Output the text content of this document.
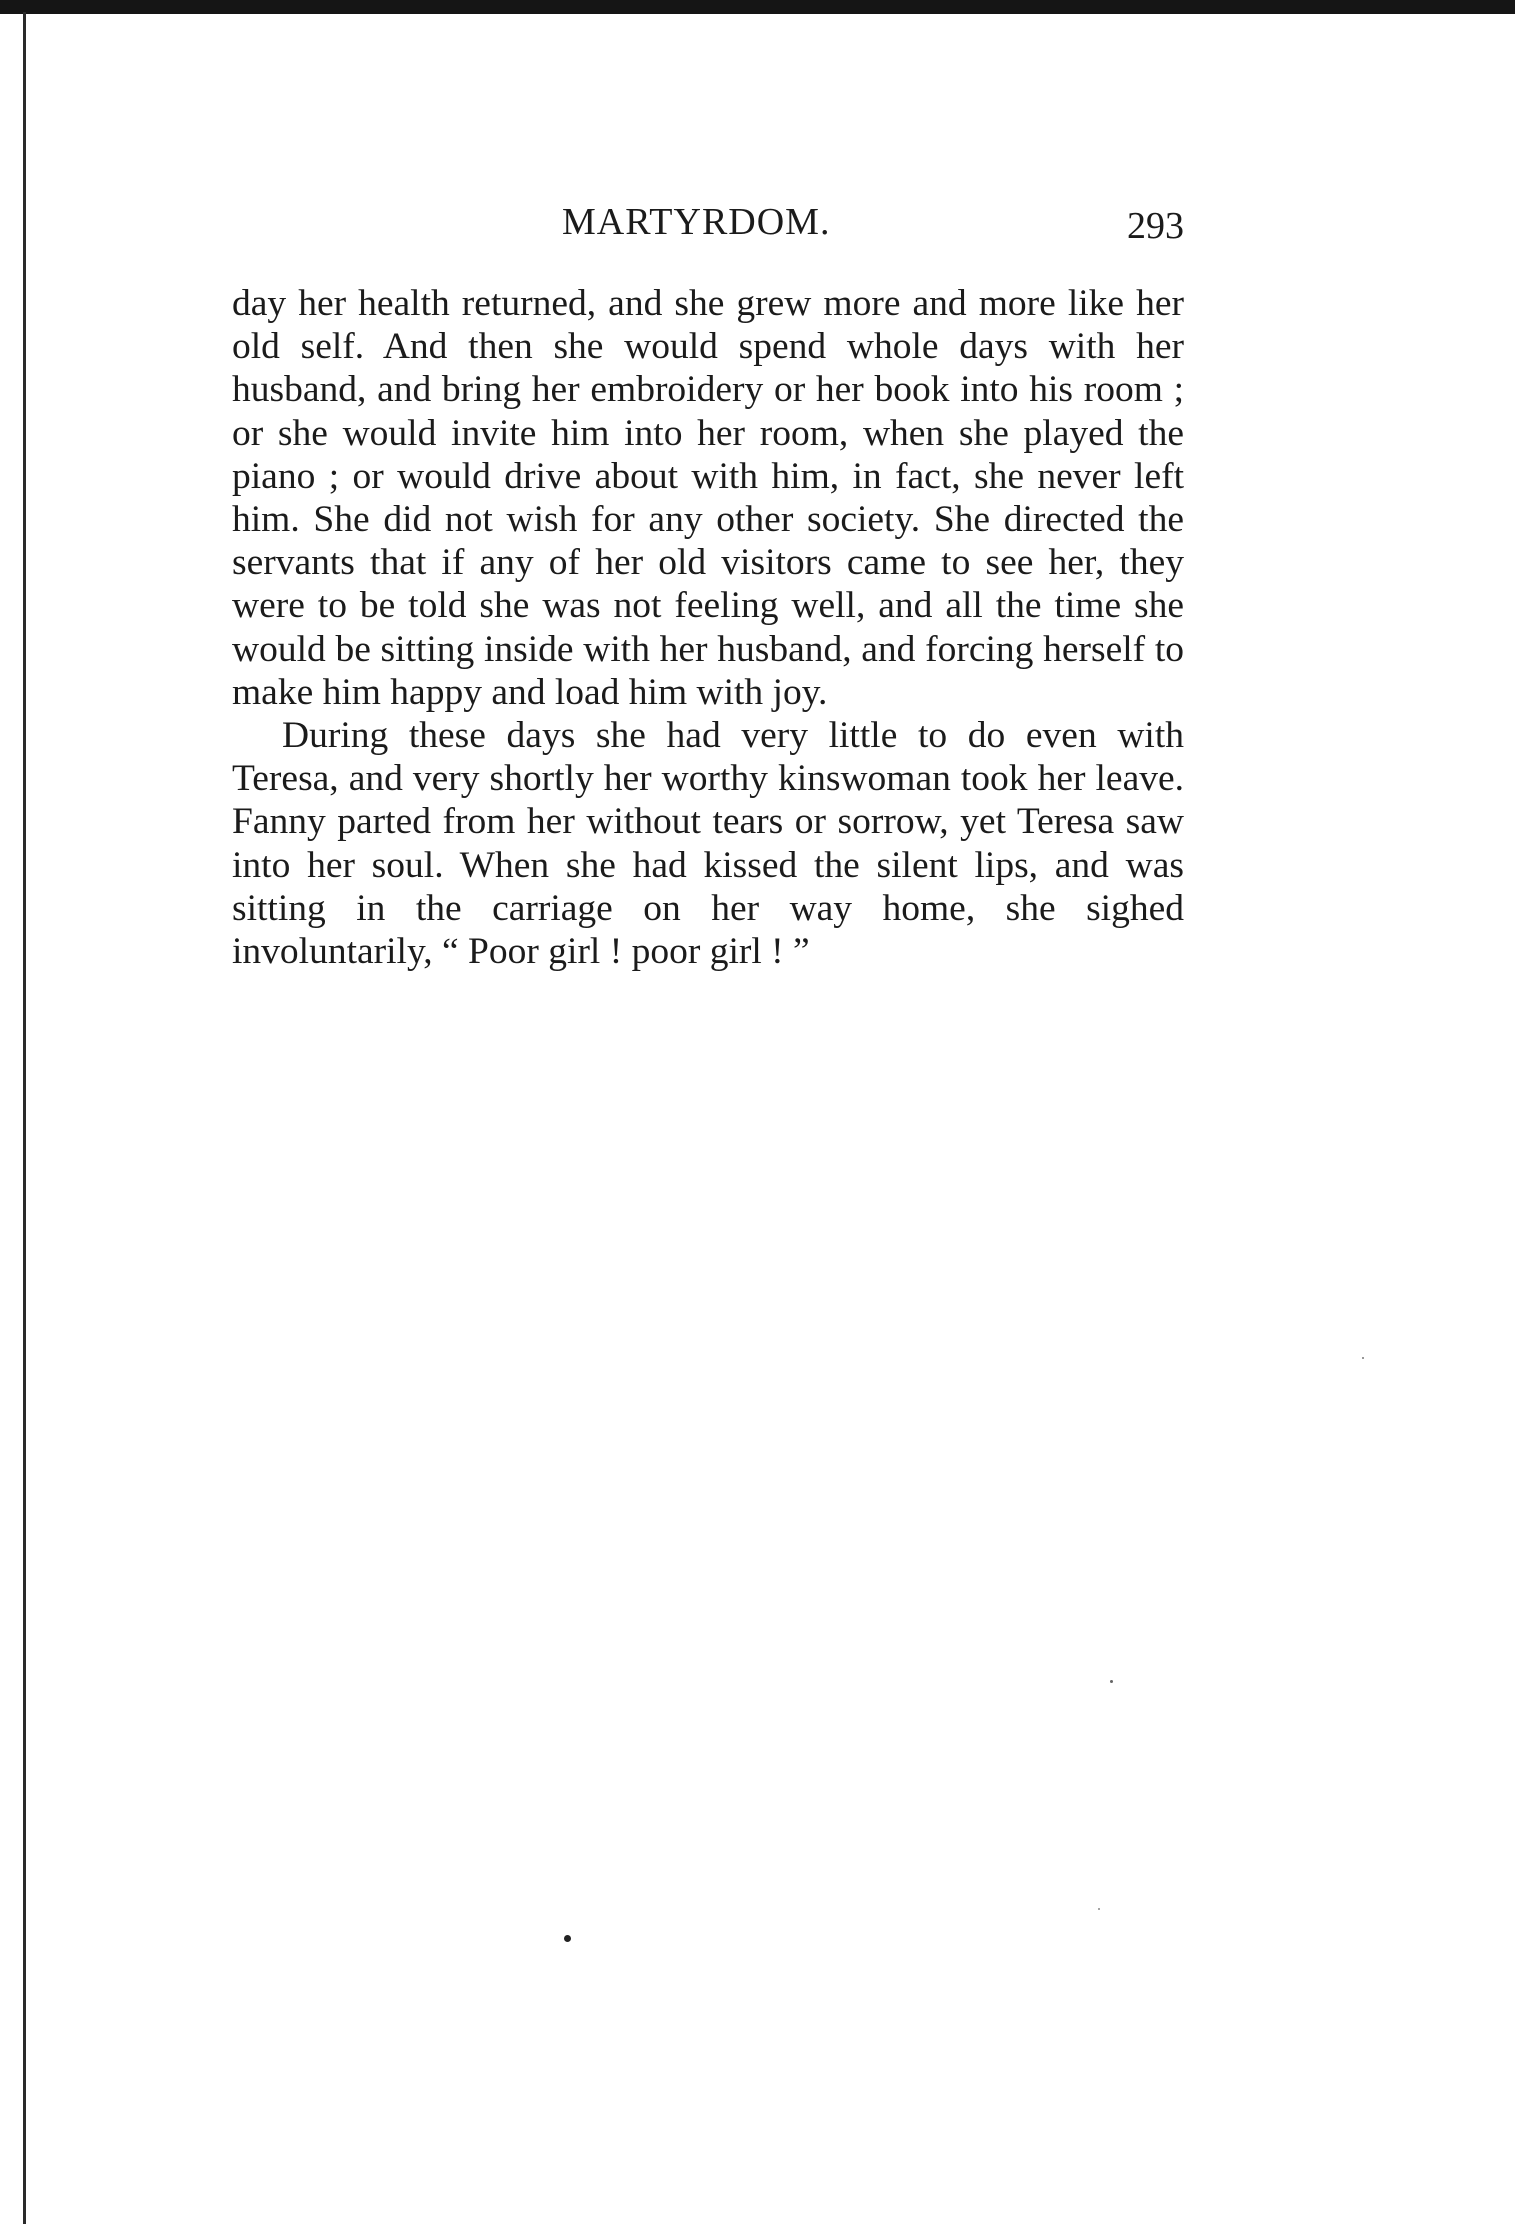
MARTYRDOM.	293

day her health returned, and she grew more and more like her old self. And then she would spend whole days with her husband, and bring her embroidery or her book into his room ; or she would invite him into her room, when she played the piano ; or would drive about with him, in fact, she never left him. She did not wish for any other society. She directed the servants that if any of her old visitors came to see her, they were to be told she was not feeling well, and all the time she would be sitting inside with her husband, and forcing herself to make him happy and load him with joy.

During these days she had very little to do even with Teresa, and very shortly her worthy kinswoman took her leave. Fanny parted from her without tears or sorrow, yet Teresa saw into her soul. When she had kissed the silent lips, and was sitting in the carriage on her way home, she sighed involuntarily, “ Poor girl ! poor girl ! ”
